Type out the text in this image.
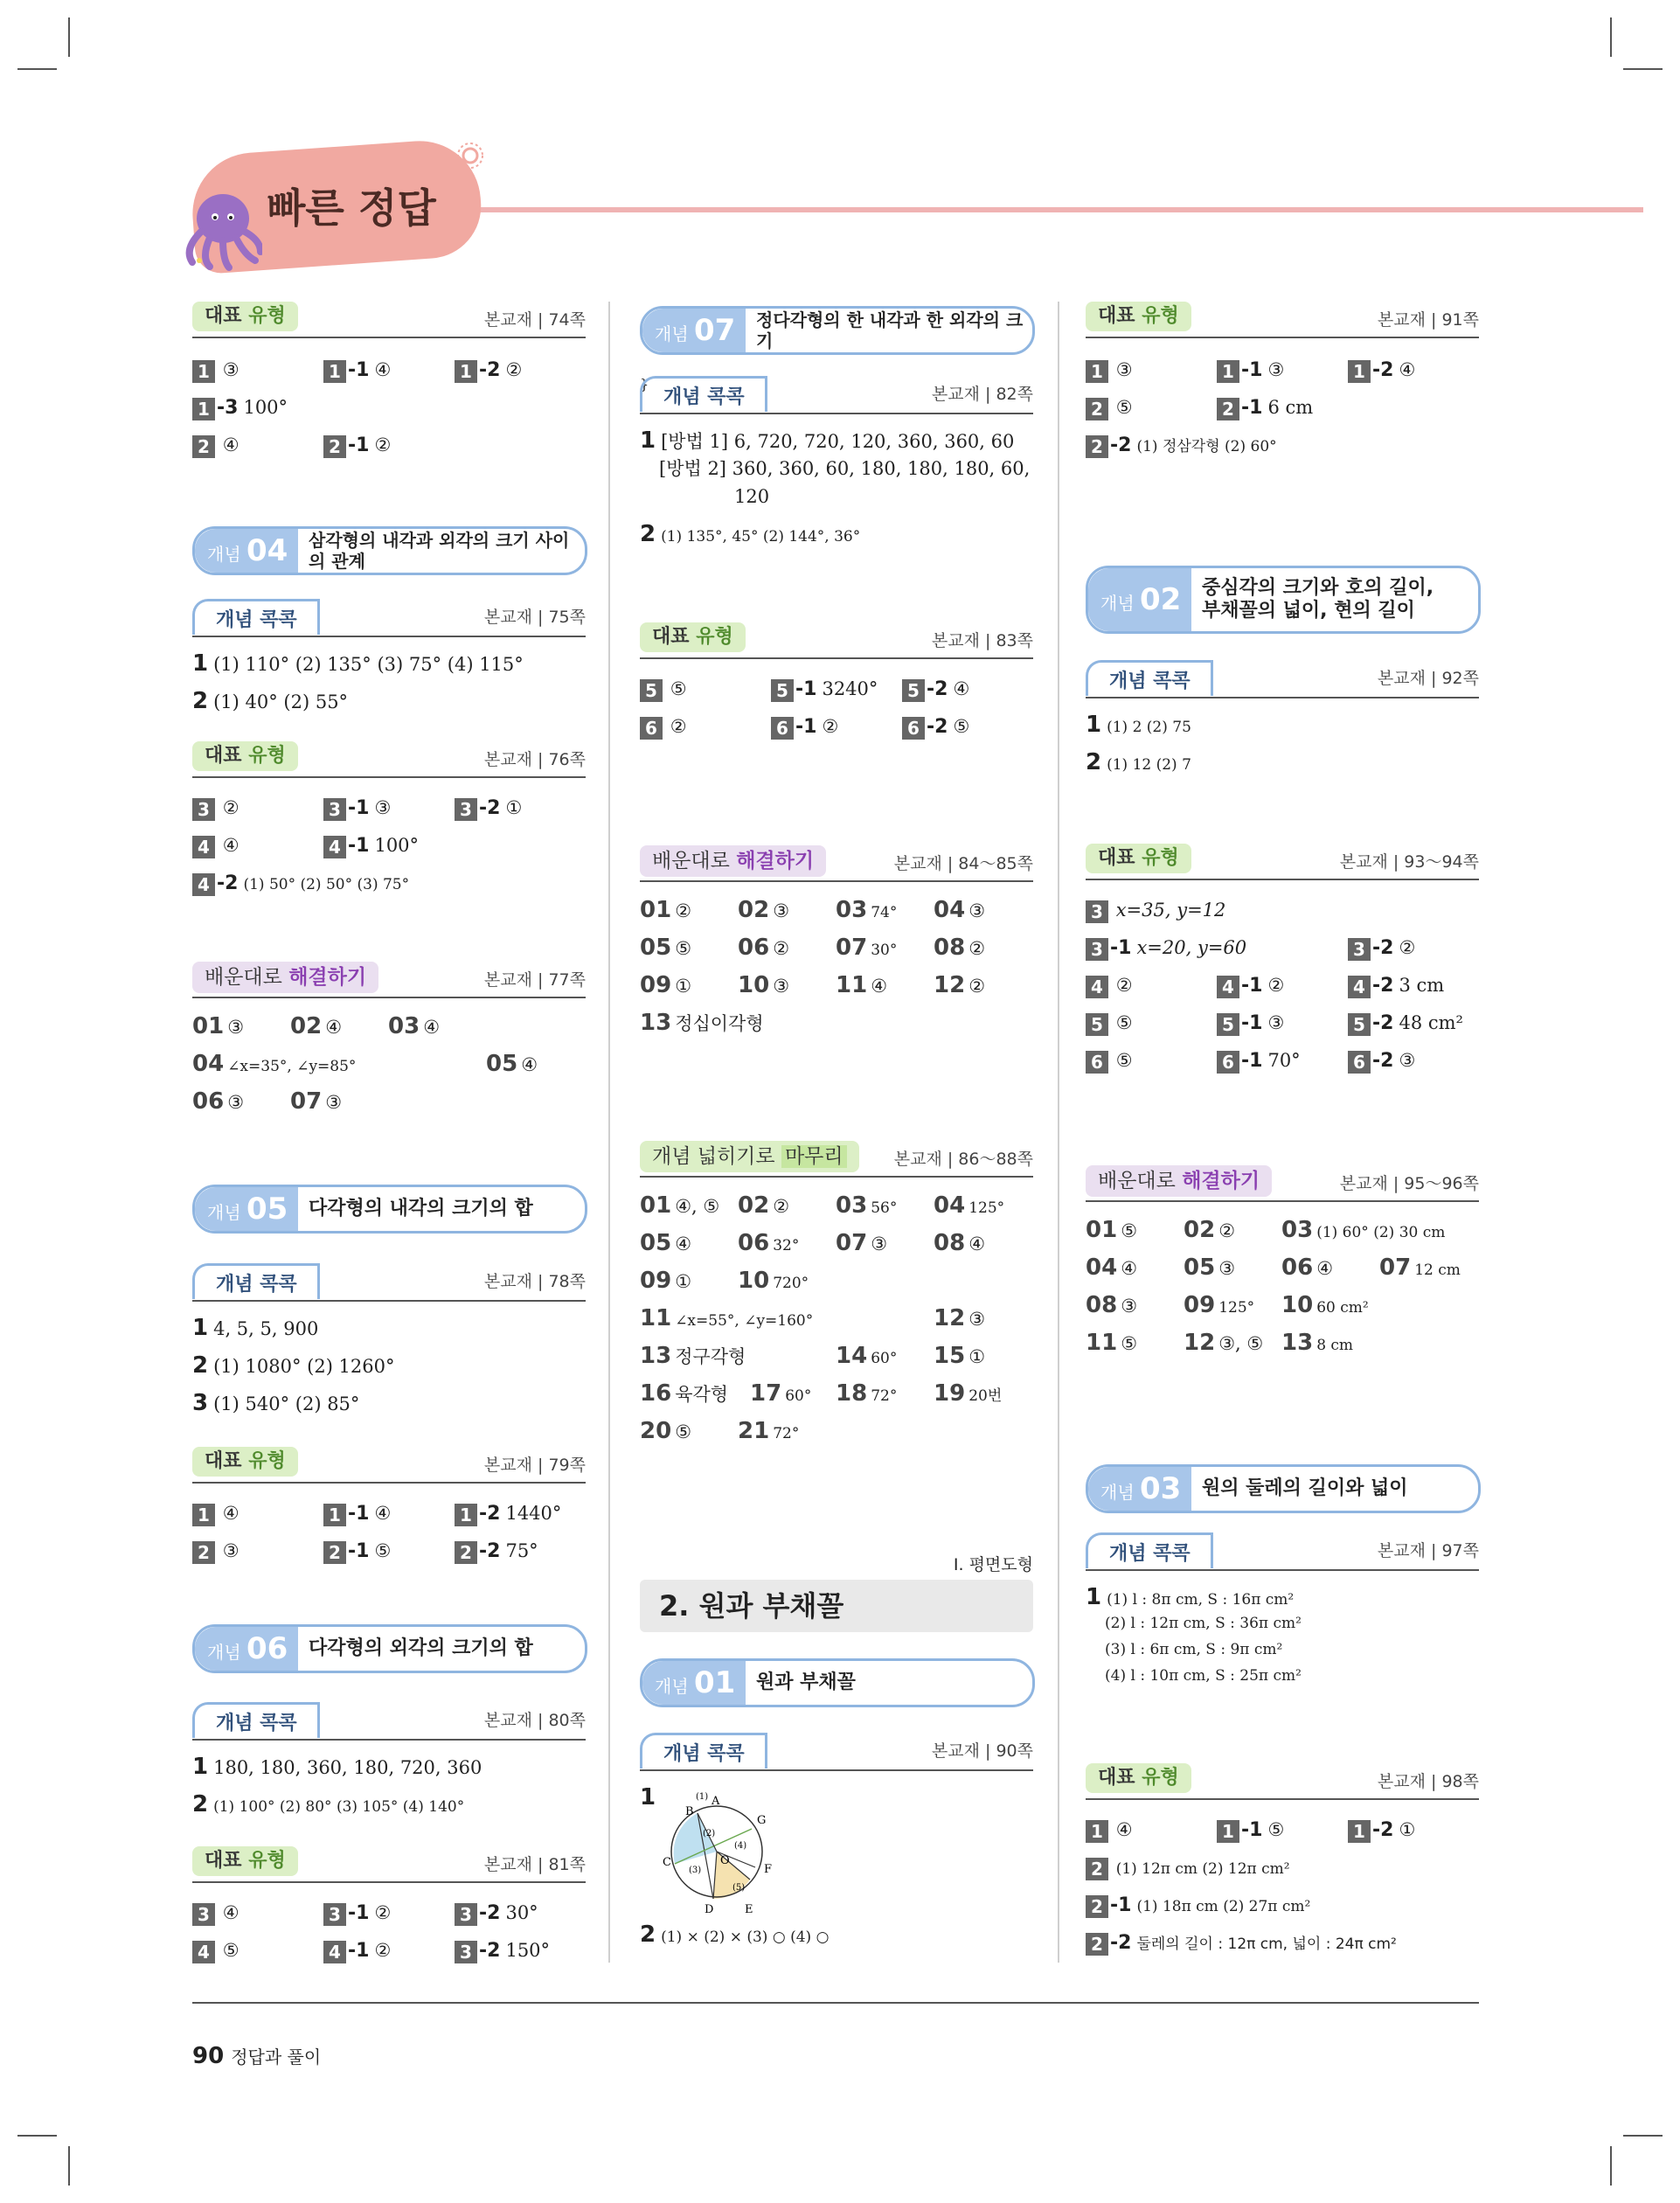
빠른 정답
대표 유형	본교재 | 74쪽
1 ③	1 -1 ④	1 -2 ②
1 -3 100°
2 ④	2 -1 ②
개념 04	삼각형의 내각과 외각의 크기 사이의 관계
개념 콕콕	본교재 | 75쪽
1 (1) 110° (2) 135° (3) 75° (4) 115°
2 (1) 40° (2) 55°
대표 유형	본교재 | 76쪽
3 ②	3 -1 ③	3 -2 ①
4 ④	4 -1 100°
4 -2 (1) 50° (2) 50° (3) 75°
배운대로 해결하기	본교재 | 77쪽
01 ③ 02 ④ 03 ④
04 ∠x=35°, ∠y=85°	05 ④
06 ③ 07 ③
개념 05	다각형의 내각의 크기의 합
개념 콕콕	본교재 | 78쪽
1 4, 5, 5, 900
2 (1) 1080° (2) 1260°
3 (1) 540° (2) 85°
대표 유형	본교재 | 79쪽
1 ④	1 -1 ④	1 -2 1440°
2 ③	2 -1 ⑤	2 -2 75°
개념 06	다각형의 외각의 크기의 합
개념 콕콕	본교재 | 80쪽
1 180, 180, 360, 180, 720, 360
2 (1) 100° (2) 80° (3) 105° (4) 140°
대표 유형	본교재 | 81쪽
3 ④	3 -1 ②	3 -2 30°
4 ⑤	4 -1 ②	3 -2 150°
개념 07	정다각형의 한 내각과 한 외각의 크기
개념 콕콕	본교재 | 82쪽
1 [방법 1] 6, 720, 720, 120, 360, 360, 60
[방법 2] 360, 360, 60, 180, 180, 180, 60,
120
2 (1) 135°, 45° (2) 144°, 36°
}
대표 유형	본교재 | 83쪽
5 ⑤	5 -1 3240°	5 -2 ④
6 ②	6 -1 ②	6 -2 ⑤
배운대로 해결하기	본교재 | 84～85쪽
01 ② 02 ③ 03 74° 04 ③
05 ⑤ 06 ② 07 30° 08 ②
09 ① 10 ③ 11 ④ 12 ②
13 정십이각형
개념 넓히기로 마무리	본교재 | 86～88쪽
01 ④, ⑤ 02 ② 03 56° 04 125°
05 ④ 06 32° 07 ③ 08 ④
09 ① 10 720°
11 ∠x=55°, ∠y=160°	12 ③
13 정구각형	14 60° 15 ①
16 육각형 17 60° 18 72° 19 20번
20 ⑤ 21 72°
Ⅰ. 평면도형
2. 원과 부채꼴
개념 01	원과 부채꼴
개념 콕콕	본교재 | 90쪽
1	A
B
C
D	E
F
G
O
(1)
(2)
(3)
(4)
(5)
2 (1) × (2) × (3) ○ (4) ○
대표 유형	본교재 | 91쪽
1 ③	1 -1 ③	1 -2 ④
2 ⑤	2 -1 6 cm
2 -2 (1) 정삼각형 (2) 60°
개념 02	중심각의 크기와 호의 길이,
부채꼴의 넓이, 현의 길이
개념 콕콕	본교재 | 92쪽
1 (1) 2 (2) 75
2 (1) 12 (2) 7
대표 유형	본교재 | 93～94쪽
3 x=35, y=12
3 -1 x=20, y=60	3 -2 ②
4 ②	4 -1 ②	4 -2 3 cm
5 ⑤	5 -1 ③	5 -2 48 cm²
6 ⑤	6 -1 70°	6 -2 ③
배운대로 해결하기	본교재 | 95～96쪽
01 ⑤ 02 ② 03 (1) 60° (2) 30 cm
04 ④ 05 ③ 06 ④ 07 12 cm
08 ③ 09 125° 10 60 cm²
11 ⑤ 12 ③, ⑤ 13 8 cm
개념 03	원의 둘레의 길이와 넓이
개념 콕콕	본교재 | 97쪽
1 (1) l : 8π cm, S : 16π cm²
(2) l : 12π cm, S : 36π cm²
(3) l : 6π cm, S : 9π cm²
(4) l : 10π cm, S : 25π cm²
대표 유형	본교재 | 98쪽
1 ④	1 -1 ⑤	1 -2 ①
2 (1) 12π cm (2) 12π cm²
2 -1 (1) 18π cm (2) 27π cm²
2 -2 둘레의 길이 : 12π cm, 넓이 : 24π cm²
90 정답과 풀이
